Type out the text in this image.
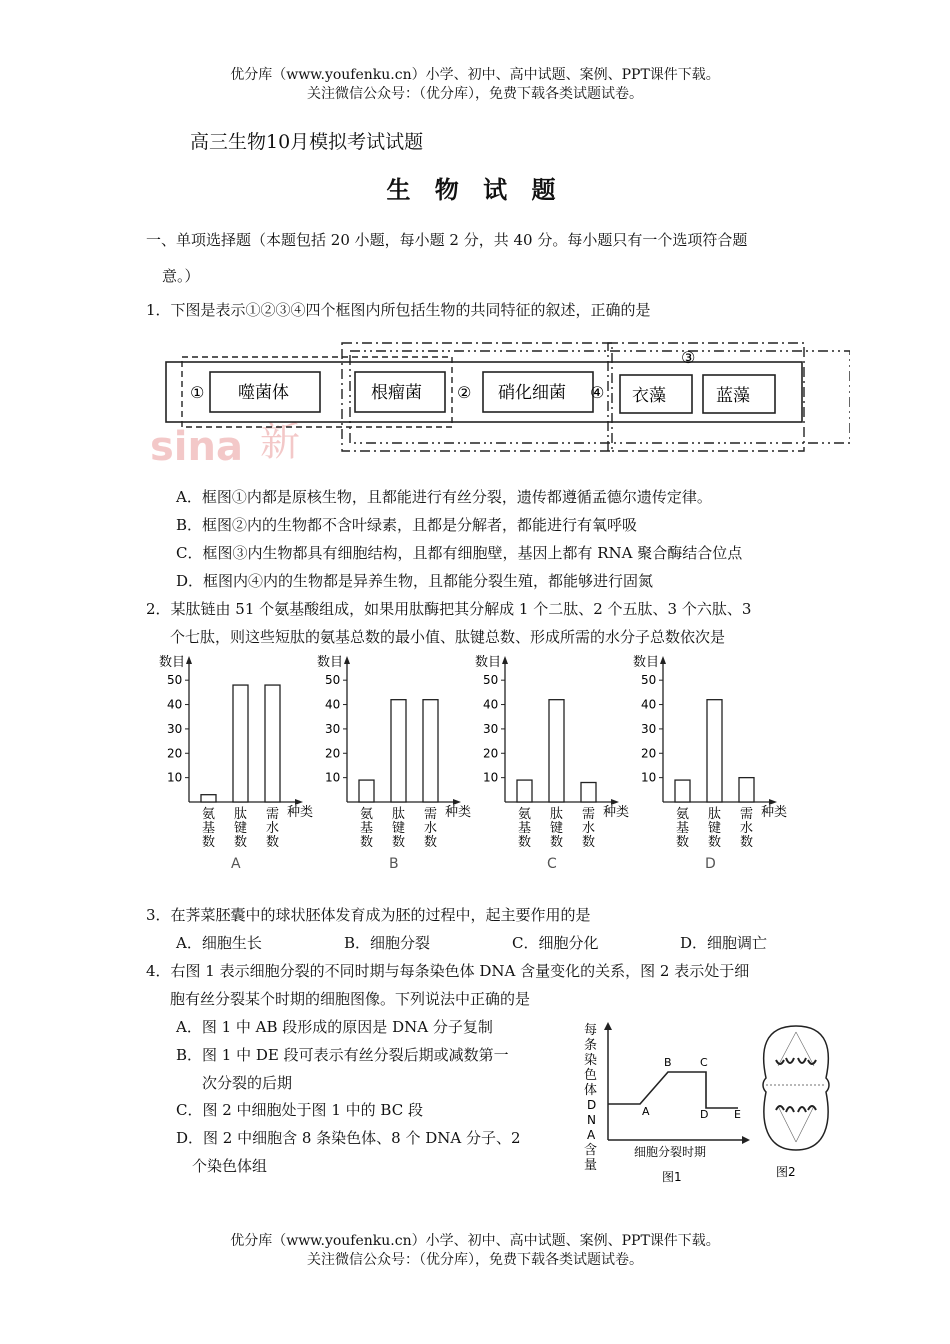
优分库（www.youfenku.cn）小学、初中、高中试题、案例、PPT课件下载。
关注微信公众号：（优分库），免费下载各类试题试卷。
高三生物10月模拟考试试题
生 物 试 题
一、单项选择题（本题包括 20 小题，每小题 2 分，共 40 分。每小题只有一个选项符合题
意。）
1．下图是表示①②③④四个框图内所包括生物的共同特征的叙述，正确的是
sina 新
① 噬菌体	根瘤菌 ② 硝化细菌 ④ 衣藻	蓝藻
③
A．框图①内都是原核生物，且都能进行有丝分裂，遗传都遵循孟德尔遗传定律。
B．框图②内的生物都不含叶绿素，且都是分解者，都能进行有氧呼吸
C．框图③内生物都具有细胞结构，且都有细胞壁，基因上都有 RNA 聚合酶结合位点
D．框图内④内的生物都是异养生物，且都能分裂生殖，都能够进行固氮
2．某肽链由 51 个氨基酸组成，如果用肽酶把其分解成 1 个二肽、2 个五肽、3 个六肽、3
个七肽，则这些短肽的氨基总数的最小值、肽键总数、形成所需的水分子总数依次是
数目
种类
10
20
30
40
50
氨
基
数
肽
键
数
需
水
数
A
数目
种类
10
20
30
40
50
氨
基
数
肽
键
数
需
水
数
B
数目
种类
10
20
30
40
50
氨
基
数
肽
键
数
需
水
数
C
数目
种类
10
20
30
40
50
氨
基
数
肽
键
数
需
水
数
D
3．在荠菜胚囊中的球状胚体发育成为胚的过程中，起主要作用的是
A．细胞生长	B．细胞分裂	C．细胞分化	D．细胞调亡
4．右图 1 表示细胞分裂的不同时期与每条染色体 DNA 含量变化的关系，图 2 表示处于细
胞有丝分裂某个时期的细胞图像。下列说法中正确的是
A．图 1 中 AB 段形成的原因是 DNA 分子复制
B．图 1 中 DE 段可表示有丝分裂后期或减数第一
次分裂的后期
C．图 2 中细胞处于图 1 中的 BC 段
D．图 2 中细胞含 8 条染色体、8 个 DNA 分子、2
个染色体组
每
条
染
色
体
D
N
A
含
量
A
B	C
D E
细胞分裂时期
图1	图2
优分库（www.youfenku.cn）小学、初中、高中试题、案例、PPT课件下载。
关注微信公众号：（优分库），免费下载各类试题试卷。
